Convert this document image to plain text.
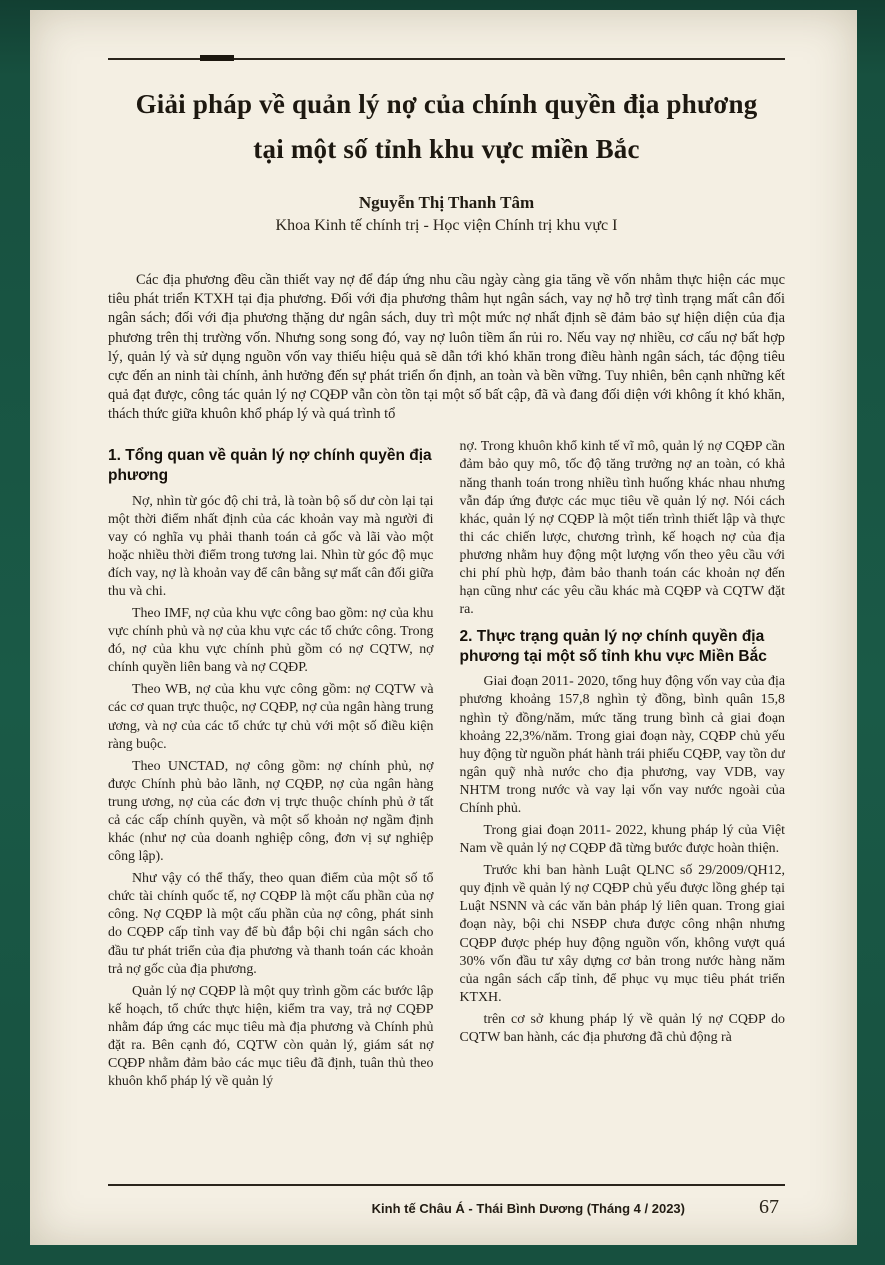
Giải pháp về quản lý nợ của chính quyền địa phương
tại một số tỉnh khu vực miền Bắc
Nguyễn Thị Thanh Tâm
Khoa Kinh tế chính trị - Học viện Chính trị khu vực I

Các địa phương đều cần thiết vay nợ để đáp ứng nhu cầu ngày càng gia tăng về vốn nhằm thực hiện các mục tiêu phát triển KTXH tại địa phương. Đối với địa phương thâm hụt ngân sách, vay nợ hỗ trợ tình trạng mất cân đối ngân sách; đối với địa phương thặng dư ngân sách, duy trì một mức nợ nhất định sẽ đảm bảo sự hiện diện của địa phương trên thị trường vốn. Nhưng song song đó, vay nợ luôn tiềm ẩn rủi ro. Nếu vay nợ nhiều, cơ cấu nợ bất hợp lý, quản lý và sử dụng nguồn vốn vay thiếu hiệu quả sẽ dẫn tới khó khăn trong điều hành ngân sách, tác động tiêu cực đến an ninh tài chính, ảnh hưởng đến sự phát triển ổn định, an toàn và bền vững. Tuy nhiên, bên cạnh những kết quả đạt được, công tác quản lý nợ CQĐP vẫn còn tồn tại một số bất cập, đã và đang đối diện với không ít khó khăn, thách thức giữa khuôn khổ pháp lý và quá trình tổ

1. Tổng quan về quản lý nợ chính quyền địa phương

Nợ, nhìn từ góc độ chi trả, là toàn bộ số dư còn lại tại một thời điểm nhất định của các khoản vay mà người đi vay có nghĩa vụ phải thanh toán cả gốc và lãi vào một hoặc nhiều thời điểm trong tương lai. Nhìn từ góc độ mục đích vay, nợ là khoản vay để cân bằng sự mất cân đối giữa thu và chi.

Theo IMF, nợ của khu vực công bao gồm: nợ của khu vực chính phủ và nợ của khu vực các tổ chức công. Trong đó, nợ của khu vực chính phủ gồm có nợ CQTW, nợ chính quyền liên bang và nợ CQĐP.

Theo WB, nợ của khu vực công gồm: nợ CQTW và các cơ quan trực thuộc, nợ CQĐP, nợ của ngân hàng trung ương, và nợ của các tổ chức tự chủ với một số điều kiện ràng buộc.

Theo UNCTAD, nợ công gồm: nợ chính phủ, nợ được Chính phủ bảo lãnh, nợ CQĐP, nợ của ngân hàng trung ương, nợ của các đơn vị trực thuộc chính phủ ở tất cả các cấp chính quyền, và một số khoản nợ ngầm định khác (như nợ của doanh nghiệp công, đơn vị sự nghiệp công lập).

Như vậy có thể thấy, theo quan điểm của một số tổ chức tài chính quốc tế, nợ CQĐP là một cấu phần của nợ công. Nợ CQĐP là một cấu phần của nợ công, phát sinh do CQĐP cấp tỉnh vay để bù đắp bội chi ngân sách cho đầu tư phát triển của địa phương và thanh toán các khoản trả nợ gốc của địa phương.

Quản lý nợ CQĐP là một quy trình gồm các bước lập kế hoạch, tổ chức thực hiện, kiểm tra vay, trả nợ CQĐP nhằm đáp ứng các mục tiêu mà địa phương và Chính phủ đặt ra. Bên cạnh đó, CQTW còn quản lý, giám sát nợ CQĐP nhằm đảm bảo các mục tiêu đã định, tuân thủ theo khuôn khổ pháp lý về quản lý

nợ. Trong khuôn khổ kinh tế vĩ mô, quản lý nợ CQĐP cần đảm bảo quy mô, tốc độ tăng trưởng nợ an toàn, có khả năng thanh toán trong nhiều tình huống khác nhau nhưng vẫn đáp ứng được các mục tiêu về quản lý nợ. Nói cách khác, quản lý nợ CQĐP là một tiến trình thiết lập và thực thi các chiến lược, chương trình, kế hoạch nợ của địa phương nhằm huy động một lượng vốn theo yêu cầu với chi phí phù hợp, đảm bảo thanh toán các khoản nợ đến hạn cũng như các yêu cầu khác mà CQĐP và CQTW đặt ra.

2. Thực trạng quản lý nợ chính quyền địa phương tại một số tỉnh khu vực Miền Bắc

Giai đoạn 2011- 2020, tổng huy động vốn vay của địa phương khoảng 157,8 nghìn tỷ đồng, bình quân 15,8 nghìn tỷ đồng/năm, mức tăng trung bình cả giai đoạn khoảng 22,3%/năm. Trong giai đoạn này, CQĐP chủ yếu huy động từ nguồn phát hành trái phiếu CQĐP, vay tồn dư ngân quỹ nhà nước cho địa phương, vay VDB, vay NHTM trong nước và vay lại vốn vay nước ngoài của Chính phủ.

Trong giai đoạn 2011- 2022, khung pháp lý của Việt Nam về quản lý nợ CQĐP đã từng bước được hoàn thiện.

Trước khi ban hành Luật QLNC số 29/2009/QH12, quy định về quản lý nợ CQĐP chủ yếu được lồng ghép tại Luật NSNN và các văn bản pháp lý liên quan. Trong giai đoạn này, bội chi NSĐP chưa được công nhận nhưng CQĐP được phép huy động nguồn vốn, không vượt quá 30% vốn đầu tư xây dựng cơ bản trong nước hàng năm của ngân sách cấp tỉnh, để phục vụ mục tiêu phát triển KTXH.

trên cơ sở khung pháp lý về quản lý nợ CQĐP do CQTW ban hành, các địa phương đã chủ động rà

Kinh tế Châu Á - Thái Bình Dương (Tháng 4 / 2023)	67
